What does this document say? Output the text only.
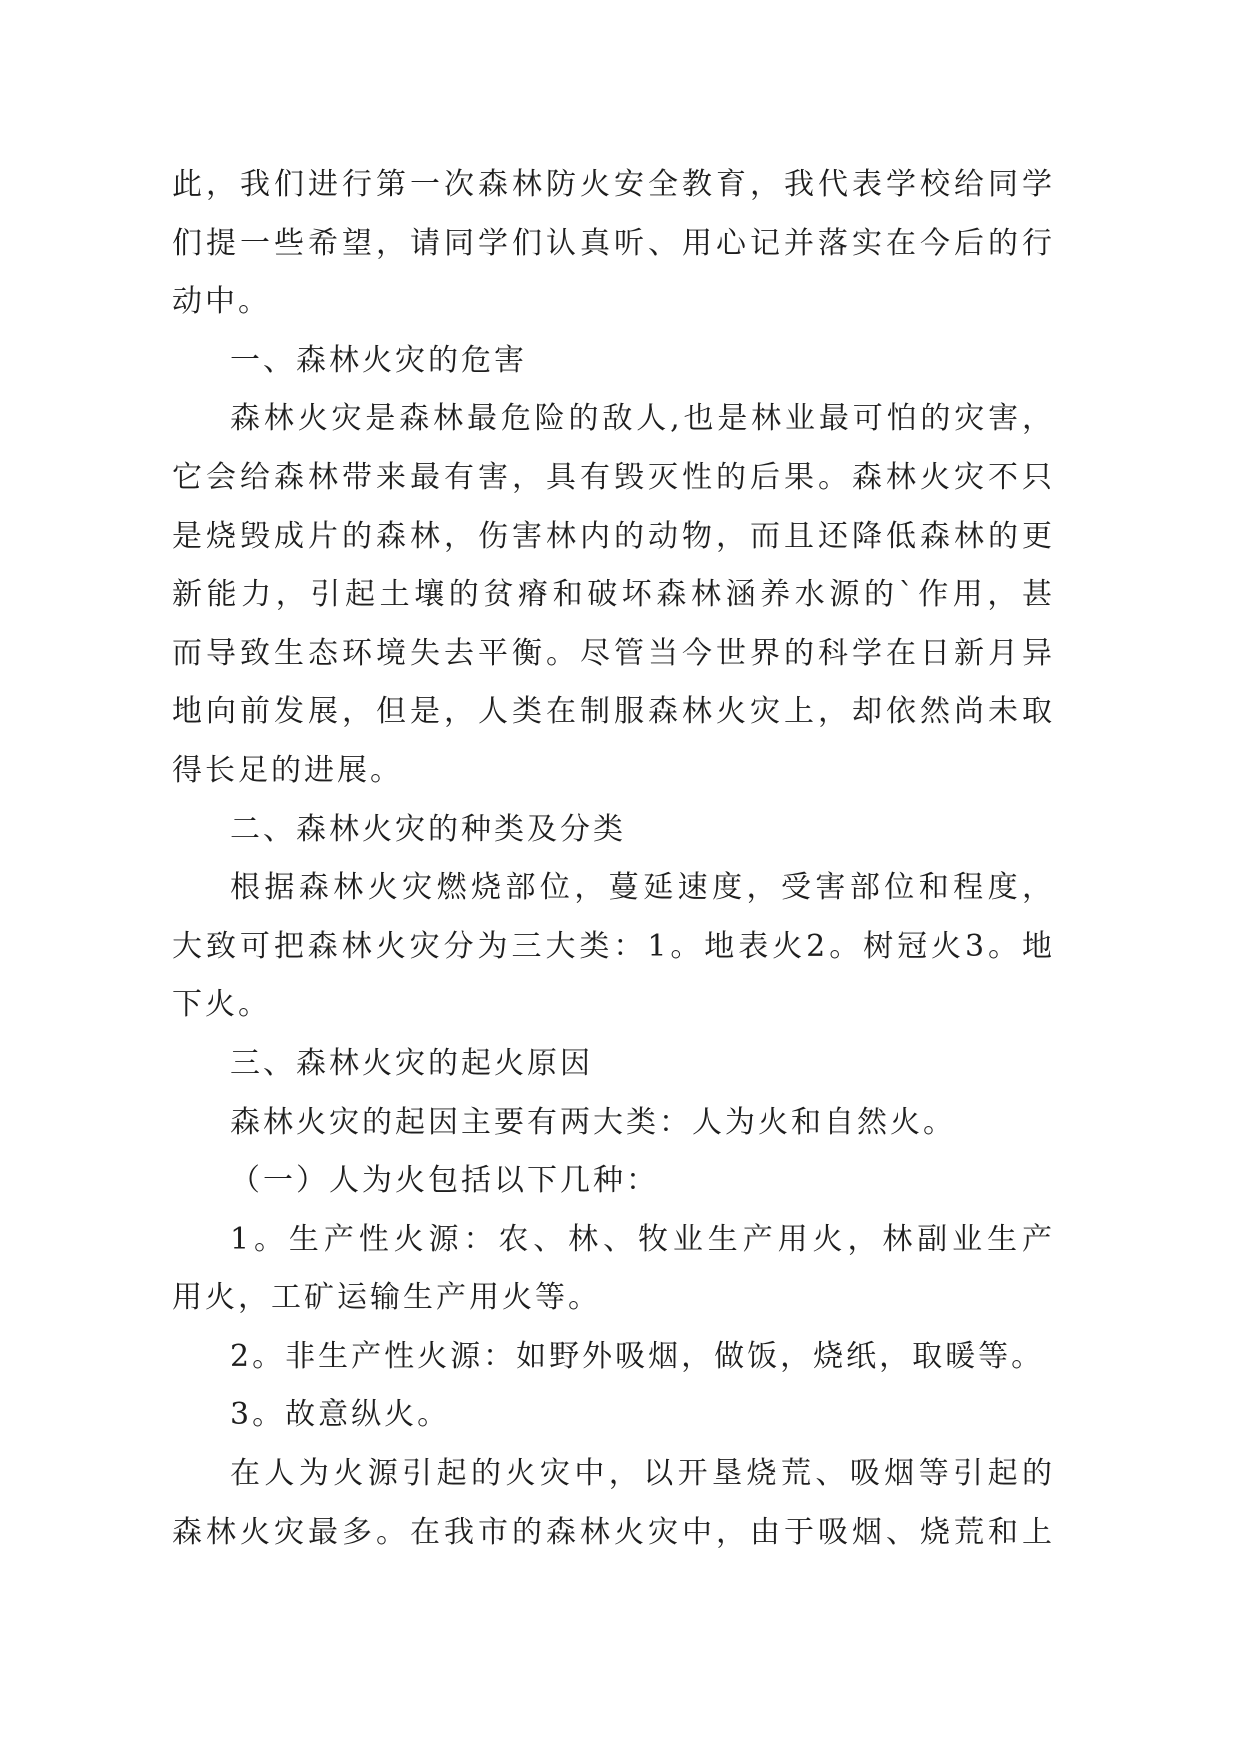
此，我们进行第一次森林防火安全教育，我代表学校给同学
们提一些希望，请同学们认真听、用心记并落实在今后的行
动中。
一、森林火灾的危害
森林火灾是森林最危险的敌人,也是林业最可怕的灾害，
它会给森林带来最有害，具有毁灭性的后果。森林火灾不只
是烧毁成片的森林，伤害林内的动物，而且还降低森林的更
新能力，引起土壤的贫瘠和破坏森林涵养水源的`作用，甚
而导致生态环境失去平衡。尽管当今世界的科学在日新月异
地向前发展，但是，人类在制服森林火灾上，却依然尚未取
得长足的进展。
二、森林火灾的种类及分类
根据森林火灾燃烧部位，蔓延速度，受害部位和程度，
大致可把森林火灾分为三大类：1。地表火2。树冠火3。地
下火。
三、森林火灾的起火原因
森林火灾的起因主要有两大类：人为火和自然火。
（一）人为火包括以下几种：
1。生产性火源：农、林、牧业生产用火，林副业生产
用火，工矿运输生产用火等。
2。非生产性火源：如野外吸烟，做饭，烧纸，取暖等。
3。故意纵火。
在人为火源引起的火灾中，以开垦烧荒、吸烟等引起的
森林火灾最多。在我市的森林火灾中，由于吸烟、烧荒和上
